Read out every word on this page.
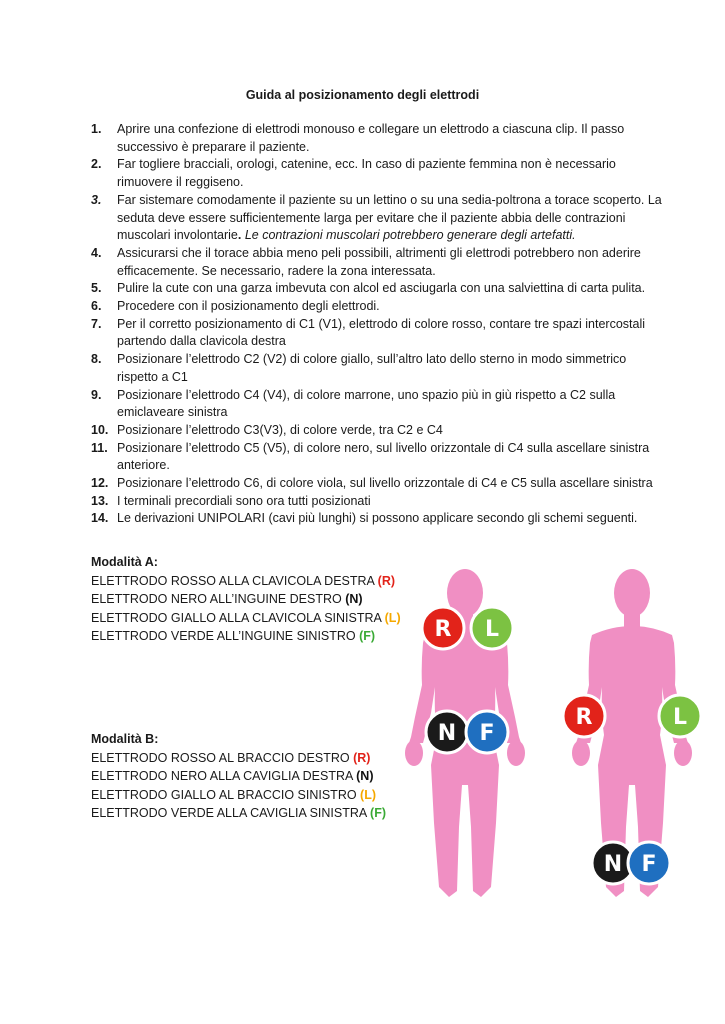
Guida al posizionamento degli elettrodi
1. Aprire una confezione di elettrodi monouso e collegare un elettrodo a ciascuna clip. Il passo successivo è preparare il paziente.
2. Far togliere bracciali, orologi, catenine, ecc. In caso di paziente femmina non è necessario rimuovere il reggiseno.
3. Far sistemare comodamente il paziente su un lettino o su una sedia-poltrona a torace scoperto. La seduta deve essere sufficientemente larga per evitare che il paziente abbia delle contrazioni muscolari involontarie. Le contrazioni muscolari potrebbero generare degli artefatti.
4. Assicurarsi che il torace abbia meno peli possibili, altrimenti gli elettrodi potrebbero non aderire efficacemente. Se necessario, radere la zona interessata.
5. Pulire la cute con una garza imbevuta con alcol ed asciugarla con una salviettina di carta pulita.
6. Procedere con il posizionamento degli elettrodi.
7. Per il corretto posizionamento di C1 (V1), elettrodo di colore rosso, contare tre spazi intercostali partendo dalla clavicola destra
8. Posizionare l’elettrodo C2 (V2) di colore giallo, sull’altro lato dello sterno in modo simmetrico rispetto a C1
9. Posizionare l’elettrodo C4 (V4), di colore marrone, uno spazio più in giù rispetto a C2 sulla emiclaveare sinistra
10. Posizionare l’elettrodo C3(V3), di colore verde, tra C2 e C4
11. Posizionare l’elettrodo C5 (V5), di colore nero, sul livello orizzontale di C4 sulla ascellare sinistra anteriore.
12. Posizionare l’elettrodo C6, di colore viola, sul livello orizzontale di C4 e C5 sulla ascellare sinistra
13. I terminali precordiali sono ora tutti posizionati
14. Le derivazioni UNIPOLARI (cavi più lunghi) si possono applicare secondo gli schemi seguenti.
Modalità A:
ELETTRODO ROSSO ALLA CLAVICOLA DESTRA (R)
ELETTRODO NERO ALL’INGUINE DESTRO (N)
ELETTRODO GIALLO ALLA CLAVICOLA SINISTRA (L)
ELETTRODO VERDE ALL’INGUINE SINISTRO (F)
Modalità B:
ELETTRODO ROSSO AL BRACCIO DESTRO (R)
ELETTRODO NERO ALLA CAVIGLIA DESTRA (N)
ELETTRODO GIALLO AL BRACCIO SINISTRO (L)
ELETTRODO VERDE ALLA CAVIGLIA SINISTRA (F)
R L
N F
R	L
N F
